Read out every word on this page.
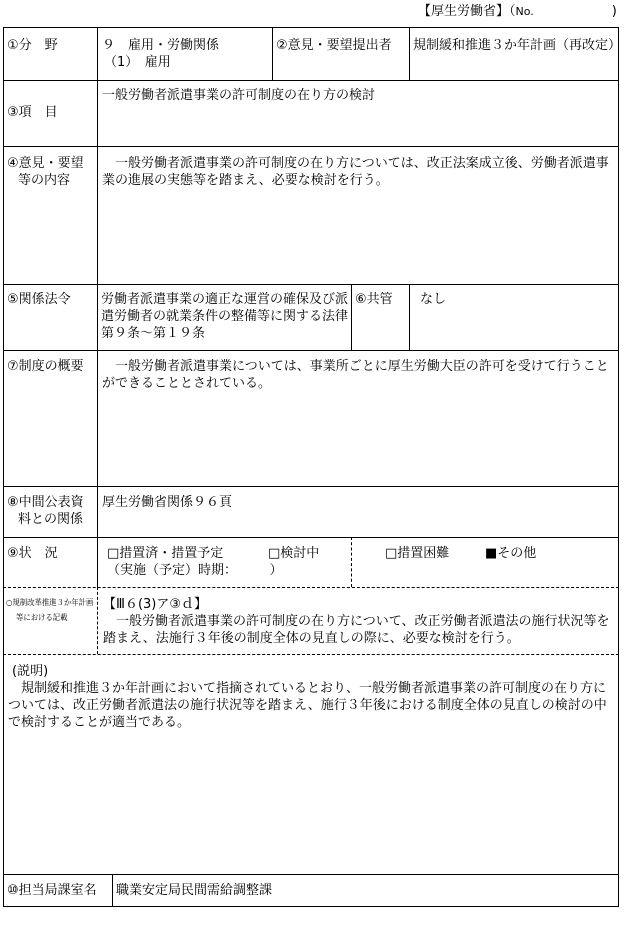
【厚生労働省】（No.　　　　　　)
①分　野	９　雇用・労働関係
（1）　雇用
②意見・要望提出者 規制緩和推進３か年計画（再改定）
③項　目
一般労働者派遣事業の許可制度の在り方の検討
④意見・要望
等の内容
　一般労働者派遣事業の許可制度の在り方については、改正法案成立後、労働者派遣事業の進展の実態等を踏まえ、必要な検討を行う。
⑤関係法令 労働者派遣事業の適正な運営の確保及び派遣労働者の就業条件の整備等に関する法律第９条～第１９条
⑥共管 なし
⑦制度の概要 　一般労働者派遣事業については、事業所ごとに厚生労働大臣の許可を受けて行うことができることとされている。
⑧中間公表資
料との関係
厚生労働省関係９６頁
⑨状　況	□措置済・措置予定
（実施（予定）時期：　　　）
□検討中	□措置困難	■その他
○規制改革推進３か年計画
等における記載
【Ⅲ６(3)ア③ｄ】
　一般労働者派遣事業の許可制度の在り方について、改正労働者派遣法の施行状況等を踏まえ、法施行３年後の制度全体の見直しの際に、必要な検討を行う。
(説明)
　規制緩和推進３か年計画において指摘されているとおり、一般労働者派遣事業の許可制度の在り方については、改正労働者派遣法の施行状況等を踏まえ、施行３年後における制度全体の見直しの検討の中で検討することが適当である。
⑩担当局課室名 職業安定局民間需給調整課
